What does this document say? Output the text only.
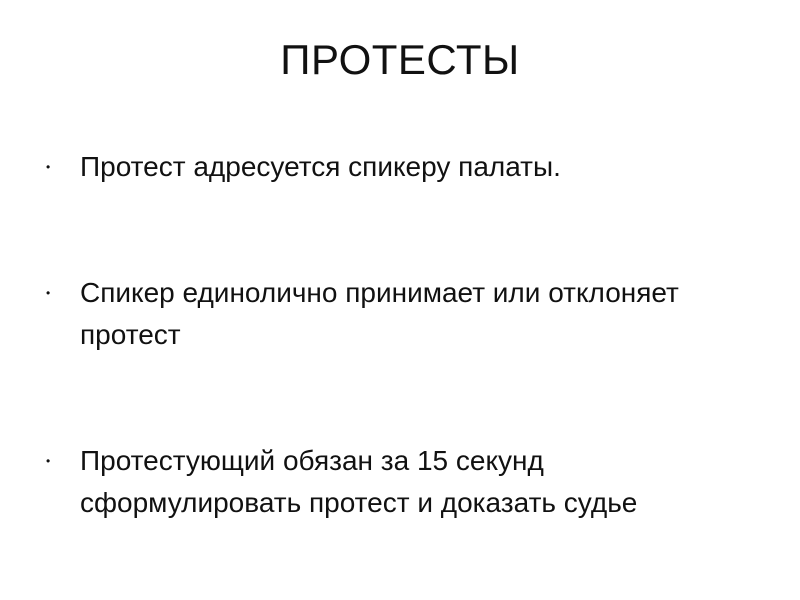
ПРОТЕСТЫ
• Протест адресуется спикеру палаты.
• Спикер единолично принимает или отклоняет протест
• Протестующий обязан за 15 секунд сформулировать протест и доказать судье
